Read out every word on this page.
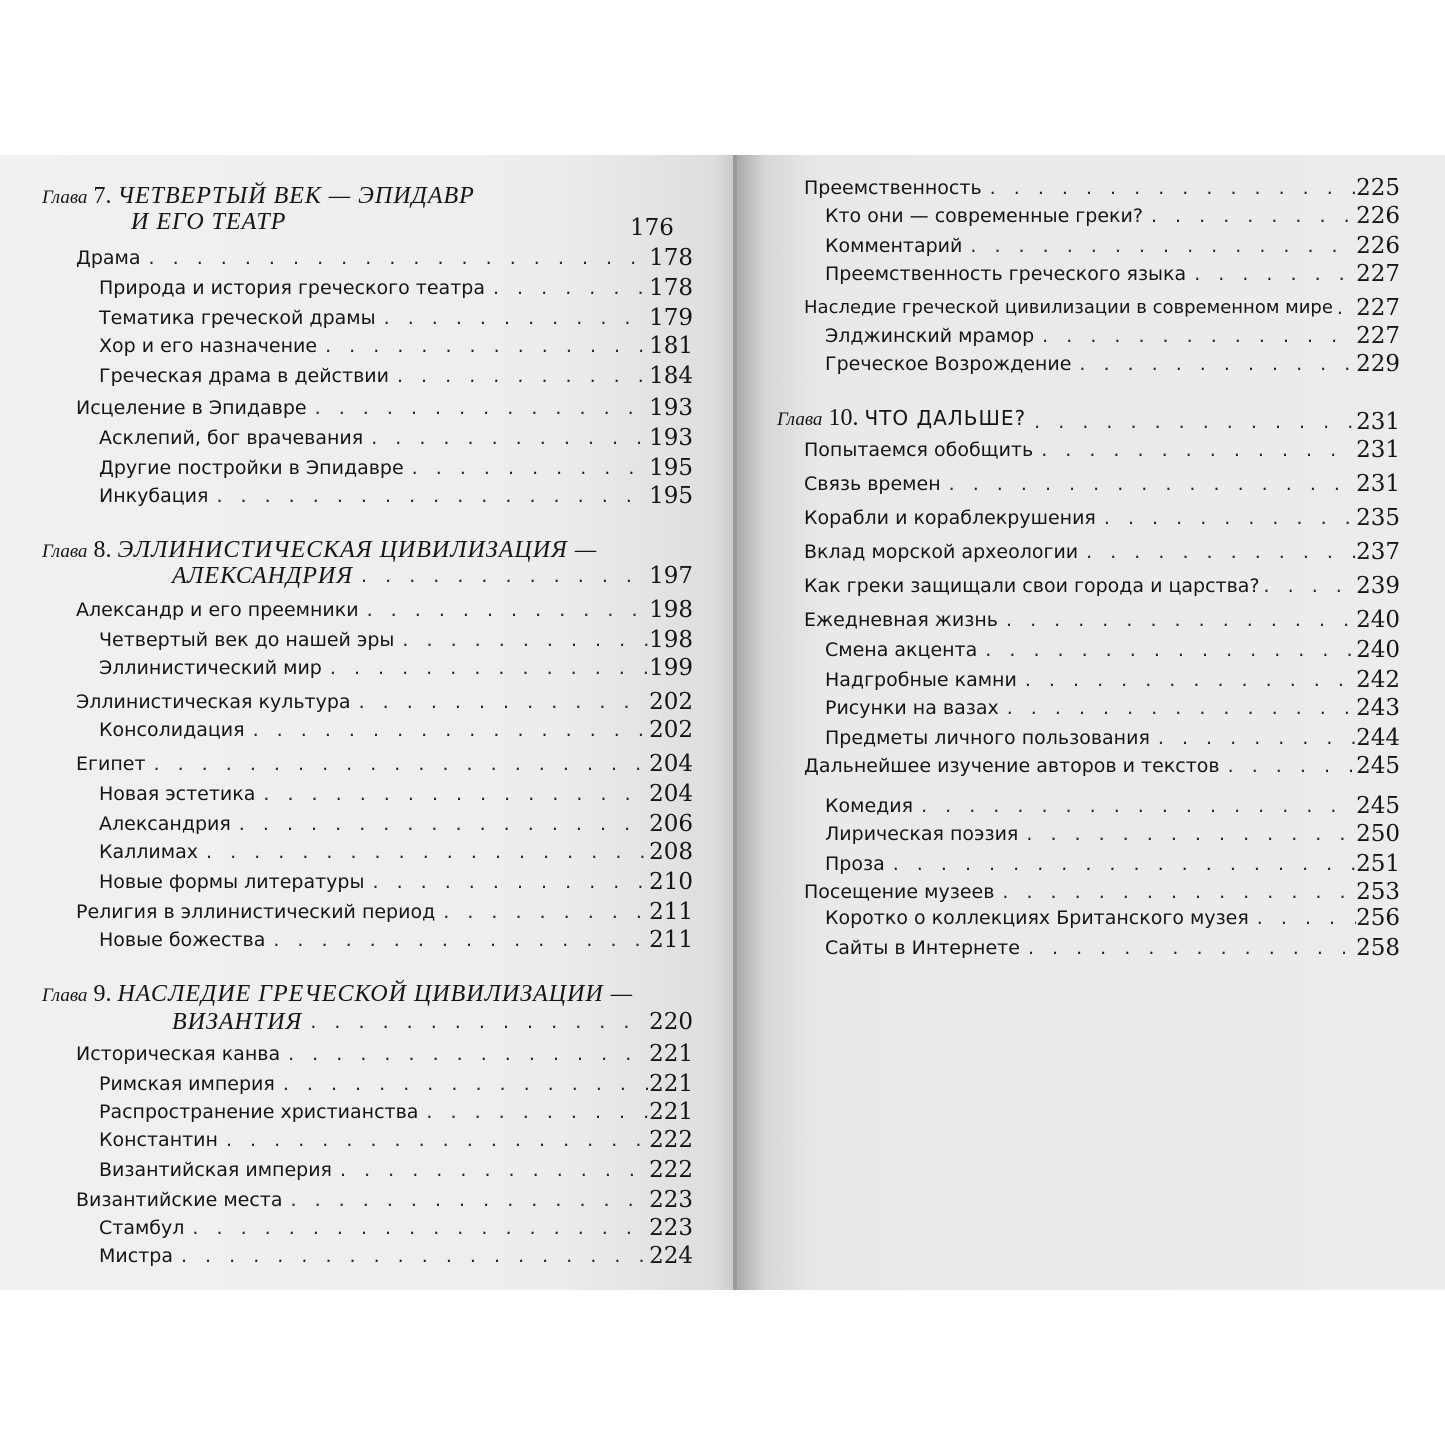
Глава 7. ЧЕТВЕРТЫЙ ВЕК — ЭПИДАВР
И ЕГО ТЕАТР	176
Драма . . .	178
Природа и история греческого театра . . .	178
Тематика греческой драмы . . .	179
Хор и его назначение . . .	181
Греческая драма в действии . . .	184
Исцеление в Эпидавре . . .	193
Асклепий, бог врачевания . . .	193
Другие постройки в Эпидавре . . .	195
Инкубация . . .	195
Глава 8. ЭЛЛИНИСТИЧЕСКАЯ ЦИВИЛИЗАЦИЯ —
АЛЕКСАНДРИЯ . . .	197
Александр и его преемники . . .	198
Четвертый век до нашей эры . . .	198
Эллинистический мир . . .	199
Эллинистическая культура . . .	202
Консолидация . . .	202
Египет . . .	204
Новая эстетика . . .	204
Александрия . . .	206
Каллимах . . .	208
Новые формы литературы . . .	210
Религия в эллинистический период . . .	211
Новые божества . . .	211
Глава 9. НАСЛЕДИЕ ГРЕЧЕСКОЙ ЦИВИЛИЗАЦИИ —
ВИЗАНТИЯ . . .	220
Историческая канва . . .	221
Римская империя . . .	221
Распространение христианства . . .	221
Константин . . .	222
Византийская империя . . .	222
Византийские места . . .	223
Стамбул . . .	223
Мистра . . .	224
Преемственность . . .	225
Кто они — современные греки? . . .	226
Комментарий . . .	226
Преемственность греческого языка . . .	227
Наследие греческой цивилизации в современном мире . . . 227
Элджинский мрамор . . .	227
Греческое Возрождение . . .	229
Глава 10. ЧТО ДАЛЬШЕ? . . .	231
Попытаемся обобщить . . .	231
Связь времен . . .	231
Корабли и кораблекрушения . . .	235
Вклад морской археологии . . .	237
Как греки защищали свои города и царства? . . .	239
Ежедневная жизнь . . .	240
Смена акцента . . .	240
Надгробные камни . . .	242
Рисунки на вазах . . .	243
Предметы личного пользования . . .	244
Дальнейшее изучение авторов и текстов . . .	245
Комедия . . .	245
Лирическая поэзия . . .	250
Проза . . .	251
Посещение музеев . . .	253
Коротко о коллекциях Британского музея . . .	256
Сайты в Интернете . . .	258
